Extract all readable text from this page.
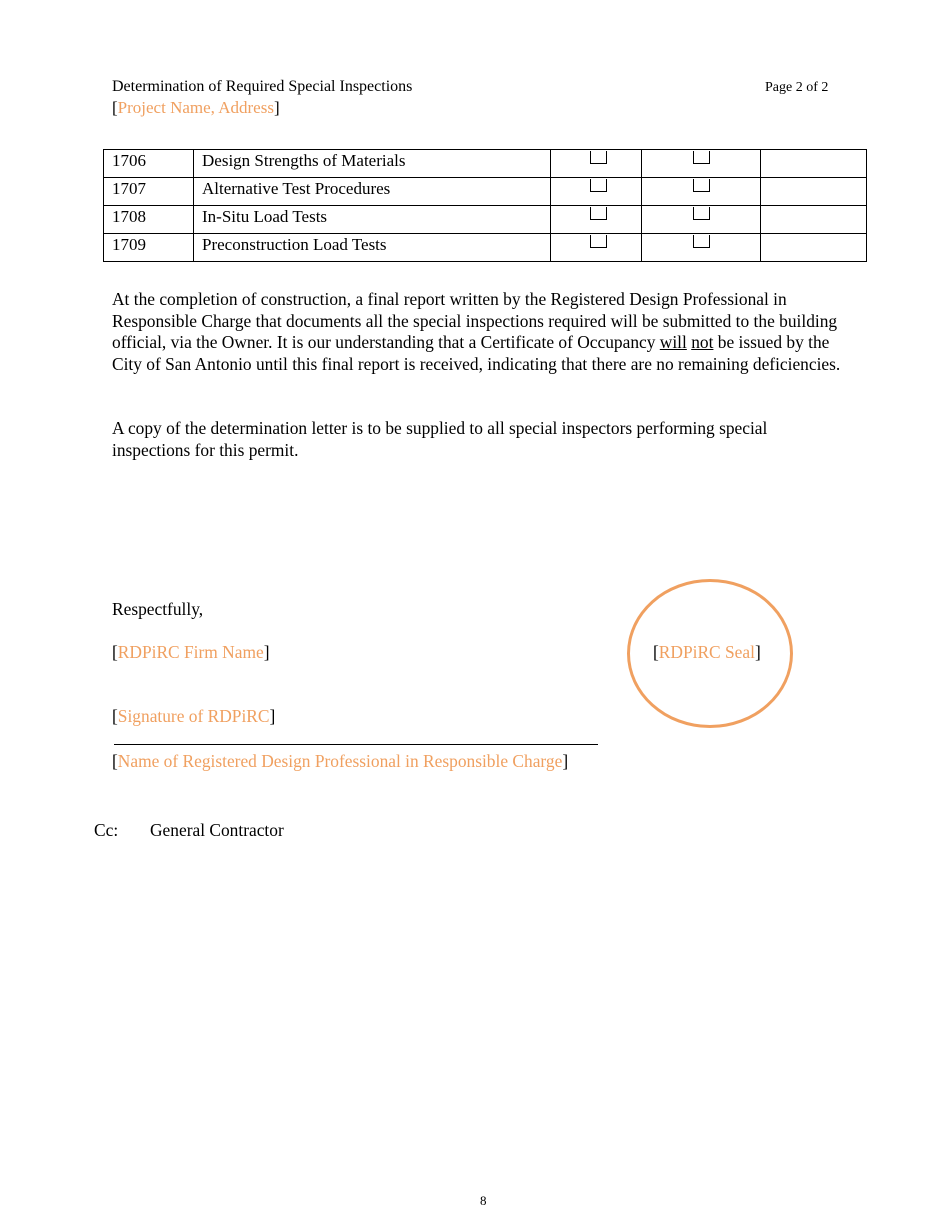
Determination of Required Special Inspections	Page 2 of 2
[Project Name, Address]
1706	Design Strengths of Materials			

1707	Alternative Test Procedures			

1708	In-Situ Load Tests			

1709	Preconstruction Load Tests			

At the completion of construction, a final report written by the Registered Design Professional in Responsible Charge that documents all the special inspections required will be submitted to the building official, via the Owner. It is our understanding that a Certificate of Occupancy will not be issued by the City of San Antonio until this final report is received, indicating that there are no remaining deficiencies.
A copy of the determination letter is to be supplied to all special inspectors performing special inspections for this permit.
Respectfully,
[RDPiRC Firm Name]
[Signature of RDPiRC]
[Name of Registered Design Professional in Responsible Charge]
[RDPiRC Seal]
Cc: General Contractor
8
